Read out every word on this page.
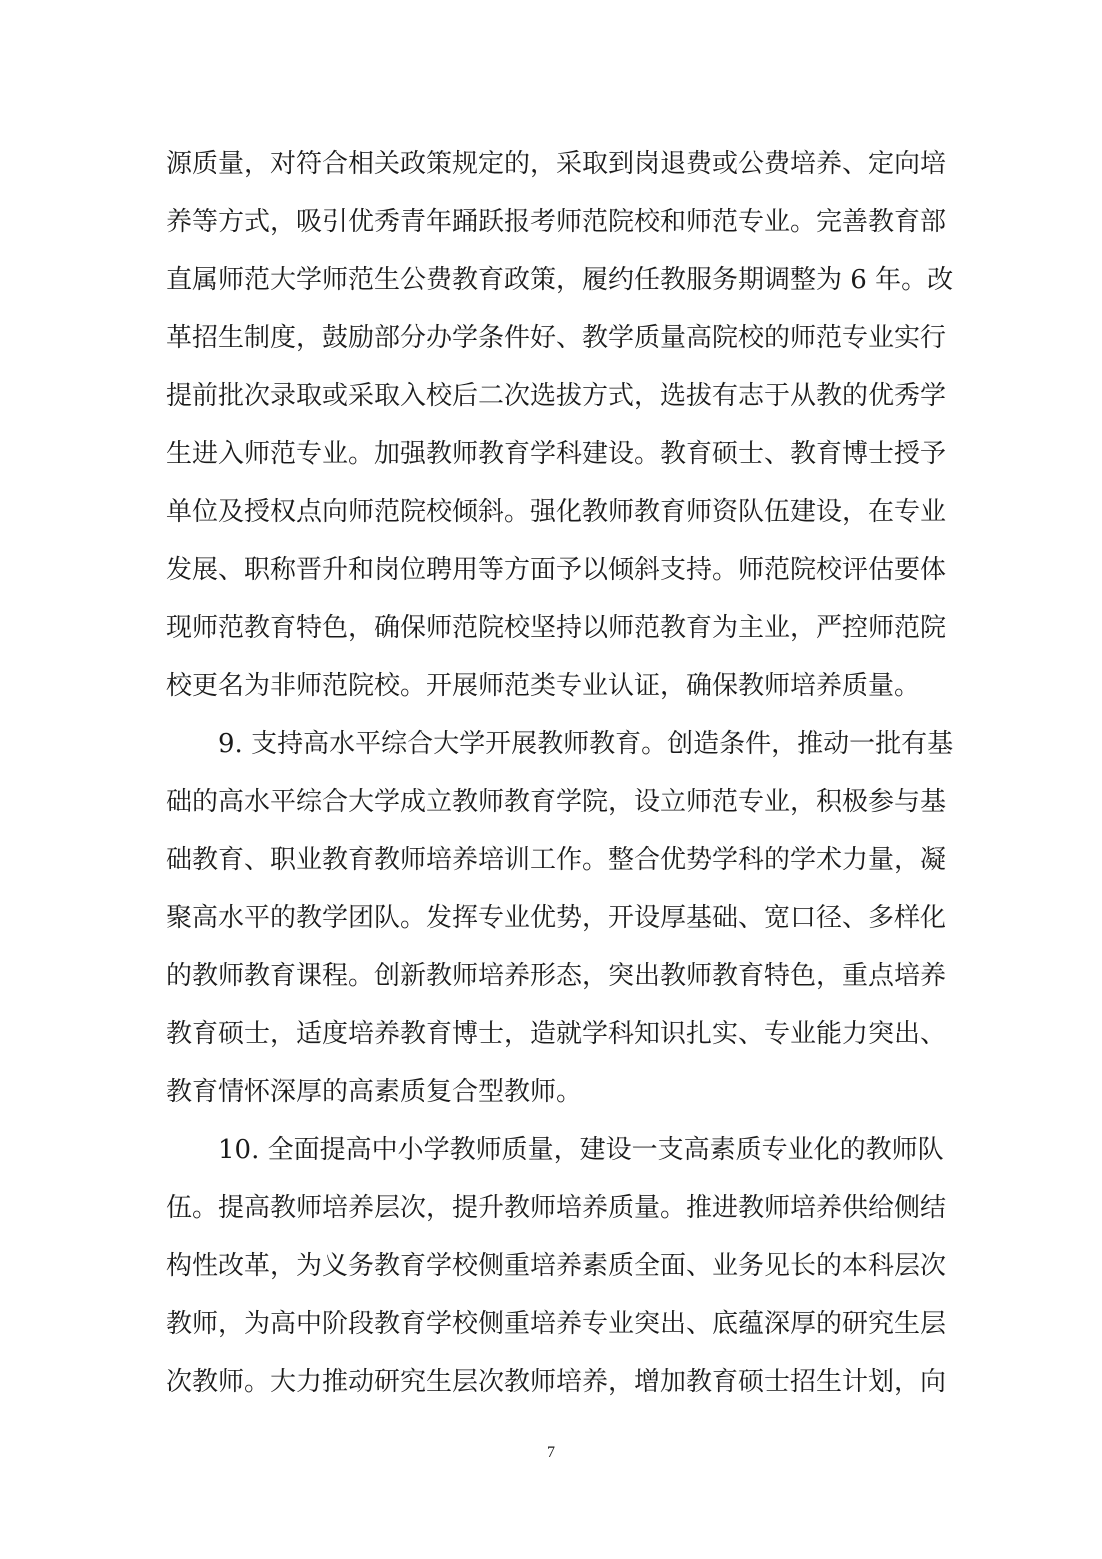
源质量，对符合相关政策规定的，采取到岗退费或公费培养、定向培
养等方式，吸引优秀青年踊跃报考师范院校和师范专业。完善教育部
直属师范大学师范生公费教育政策，履约任教服务期调整为 6 年。改
革招生制度，鼓励部分办学条件好、教学质量高院校的师范专业实行
提前批次录取或采取入校后二次选拔方式，选拔有志于从教的优秀学
生进入师范专业。加强教师教育学科建设。教育硕士、教育博士授予
单位及授权点向师范院校倾斜。强化教师教育师资队伍建设，在专业
发展、职称晋升和岗位聘用等方面予以倾斜支持。师范院校评估要体
现师范教育特色，确保师范院校坚持以师范教育为主业，严控师范院
校更名为非师范院校。开展师范类专业认证，确保教师培养质量。
9. 支持高水平综合大学开展教师教育。创造条件，推动一批有基
础的高水平综合大学成立教师教育学院，设立师范专业，积极参与基
础教育、职业教育教师培养培训工作。整合优势学科的学术力量，凝
聚高水平的教学团队。发挥专业优势，开设厚基础、宽口径、多样化
的教师教育课程。创新教师培养形态，突出教师教育特色，重点培养
教育硕士，适度培养教育博士，造就学科知识扎实、专业能力突出、
教育情怀深厚的高素质复合型教师。
10. 全面提高中小学教师质量，建设一支高素质专业化的教师队
伍。提高教师培养层次，提升教师培养质量。推进教师培养供给侧结
构性改革，为义务教育学校侧重培养素质全面、业务见长的本科层次
教师，为高中阶段教育学校侧重培养专业突出、底蕴深厚的研究生层
次教师。大力推动研究生层次教师培养，增加教育硕士招生计划，向
7
